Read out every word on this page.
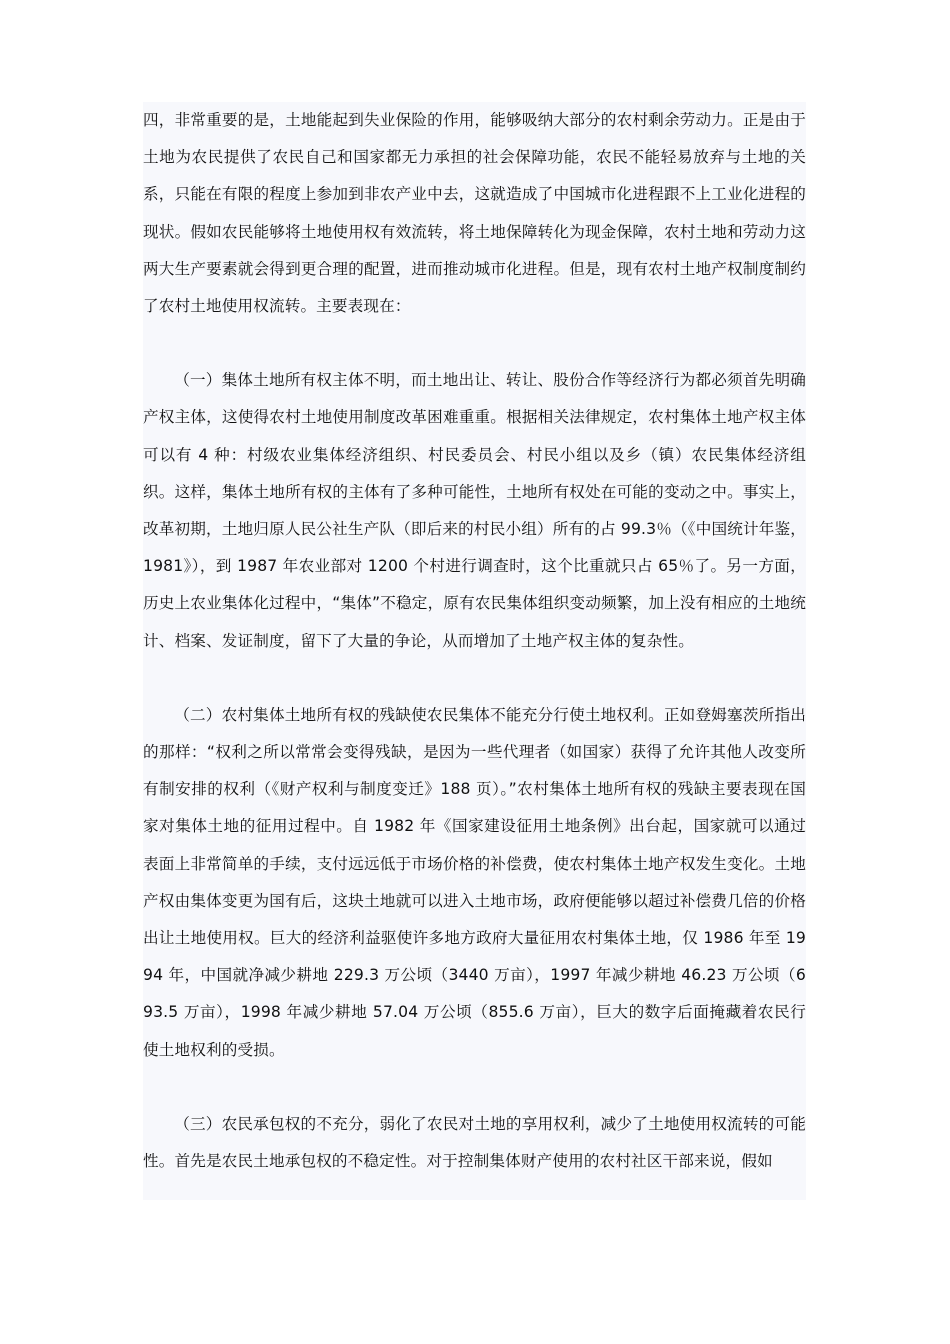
四，非常重要的是，土地能起到失业保险的作用，能够吸纳大部分的农村剩余劳动力。正是由于土地为农民提供了农民自己和国家都无力承担的社会保障功能，农民不能轻易放弃与土地的关系，只能在有限的程度上参加到非农产业中去，这就造成了中国城市化进程跟不上工业化进程的现状。假如农民能够将土地使用权有效流转，将土地保障转化为现金保障，农村土地和劳动力这两大生产要素就会得到更合理的配置，进而推动城市化进程。但是，现有农村土地产权制度制约了农村土地使用权流转。主要表现在：

（一）集体土地所有权主体不明，而土地出让、转让、股份合作等经济行为都必须首先明确产权主体，这使得农村土地使用制度改革困难重重。根据相关法律规定，农村集体土地产权主体可以有 4 种：村级农业集体经济组织、村民委员会、村民小组以及乡（镇）农民集体经济组织。这样，集体土地所有权的主体有了多种可能性，土地所有权处在可能的变动之中。事实上，改革初期，土地归原人民公社生产队（即后来的村民小组）所有的占 99.3％（《中国统计年鉴，1981》），到 1987 年农业部对 1200 个村进行调查时，这个比重就只占 65％了。另一方面，历史上农业集体化过程中，“集体”不稳定，原有农民集体组织变动频繁，加上没有相应的土地统计、档案、发证制度，留下了大量的争论，从而增加了土地产权主体的复杂性。

（二）农村集体土地所有权的残缺使农民集体不能充分行使土地权利。正如登姆塞茨所指出的那样：“权利之所以常常会变得残缺，是因为一些代理者（如国家）获得了允许其他人改变所有制安排的权利（《财产权利与制度变迁》188 页）。”农村集体土地所有权的残缺主要表现在国家对集体土地的征用过程中。自 1982 年《国家建设征用土地条例》出台起，国家就可以通过表面上非常简单的手续，支付远远低于市场价格的补偿费，使农村集体土地产权发生变化。土地产权由集体变更为国有后，这块土地就可以进入土地市场，政府便能够以超过补偿费几倍的价格出让土地使用权。巨大的经济利益驱使许多地方政府大量征用农村集体土地，仅 1986 年至 1994 年，中国就净减少耕地 229.3 万公顷（3440 万亩），1997 年减少耕地 46.23 万公顷（693.5 万亩），1998 年减少耕地 57.04 万公顷（855.6 万亩），巨大的数字后面掩藏着农民行使土地权利的受损。

（三）农民承包权的不充分，弱化了农民对土地的享用权利，减少了土地使用权流转的可能性。首先是农民土地承包权的不稳定性。对于控制集体财产使用的农村社区干部来说，假如
